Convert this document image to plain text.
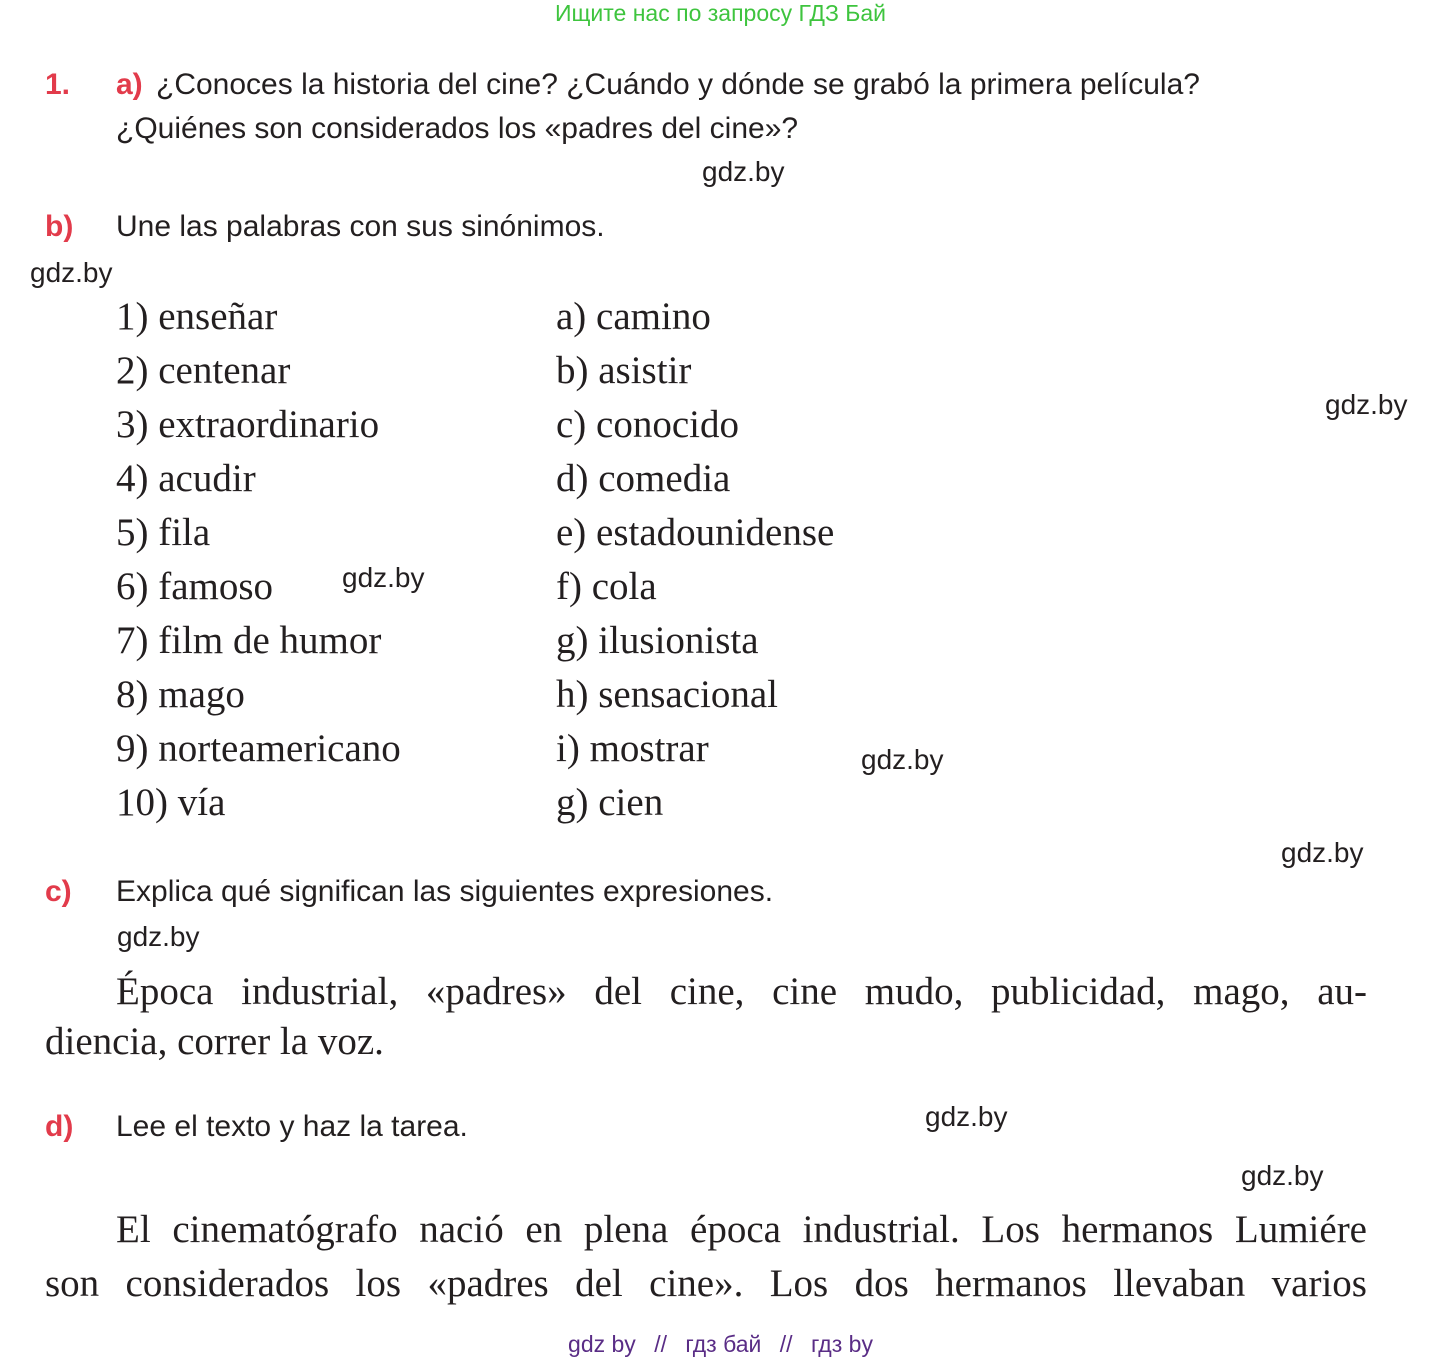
Ищите нас по запросу ГДЗ Бай
1. a) ¿Conoces la historia del cine? ¿Cuándo y dónde se grabó la primera película?
¿Quiénes son considerados los «padres del cine»?
gdz.by
b) Une las palabras con sus sinónimos.
gdz.by
1) enseñar
2) centenar
3) extraordinario
4) acudir
5) fila
6) famoso
7) film de humor
8) mago
9) norteamericano
10) vía
a) camino
b) asistir
c) conocido
d) comedia
e) estadounidense
f) cola
g) ilusionista
h) sensacional
i) mostrar
g) cien
gdz.by
gdz.by
gdz.by
gdz.by
c) Explica qué significan las siguientes expresiones.
gdz.by
Época industrial, «padres» del cine, cine mudo, publicidad, mago, au-
diencia, correr la voz.
d) Lee el texto y haz la tarea.	gdz.by
gdz.by
El cinematógrafo nació en plena época industrial. Los hermanos Lumiére
son considerados los «padres del cine». Los dos hermanos llevaban varios
gdz by // гдз бай // гдз by
